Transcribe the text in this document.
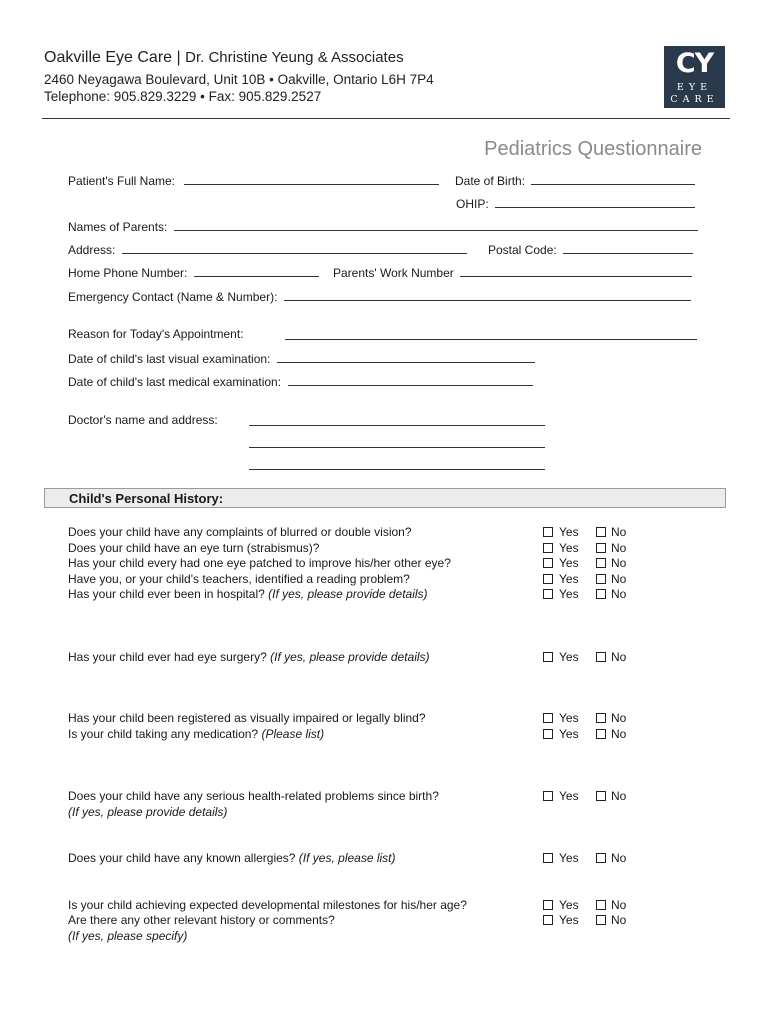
Oakville Eye Care | Dr. Christine Yeung & Associates
2460 Neyagawa Boulevard, Unit 10B • Oakville, Ontario L6H 7P4
Telephone: 905.829.3229 • Fax: 905.829.2527
CY
EYE
CARE
Pediatrics Questionnaire
Patient's Full Name:	Date of Birth:
OHIP:
Names of Parents:
Address:	Postal Code:
Home Phone Number:	Parents' Work Number
Emergency Contact (Name & Number):
Reason for Today's Appointment:
Date of child's last visual examination:
Date of child's last medical examination:
Doctor's name and address:
Child's Personal History:
Does your child have any complaints of blurred or double vision?	Yes	No
Does your child have an eye turn (strabismus)?	Yes	No
Has your child every had one eye patched to improve his/her other eye?	Yes	No
Have you, or your child's teachers, identified a reading problem?	Yes	No
Has your child ever been in hospital? (If yes, please provide details)	Yes	No
Has your child ever had eye surgery? (If yes, please provide details)	Yes	No
Has your child been registered as visually impaired or legally blind?	Yes	No
Is your child taking any medication? (Please list)	Yes	No
Does your child have any serious health-related problems since birth?	Yes	No
(If yes, please provide details)
Does your child have any known allergies? (If yes, please list)	Yes	No
Is your child achieving expected developmental milestones for his/her age?	Yes	No
Are there any other relevant history or comments?	Yes	No
(If yes, please specify)
